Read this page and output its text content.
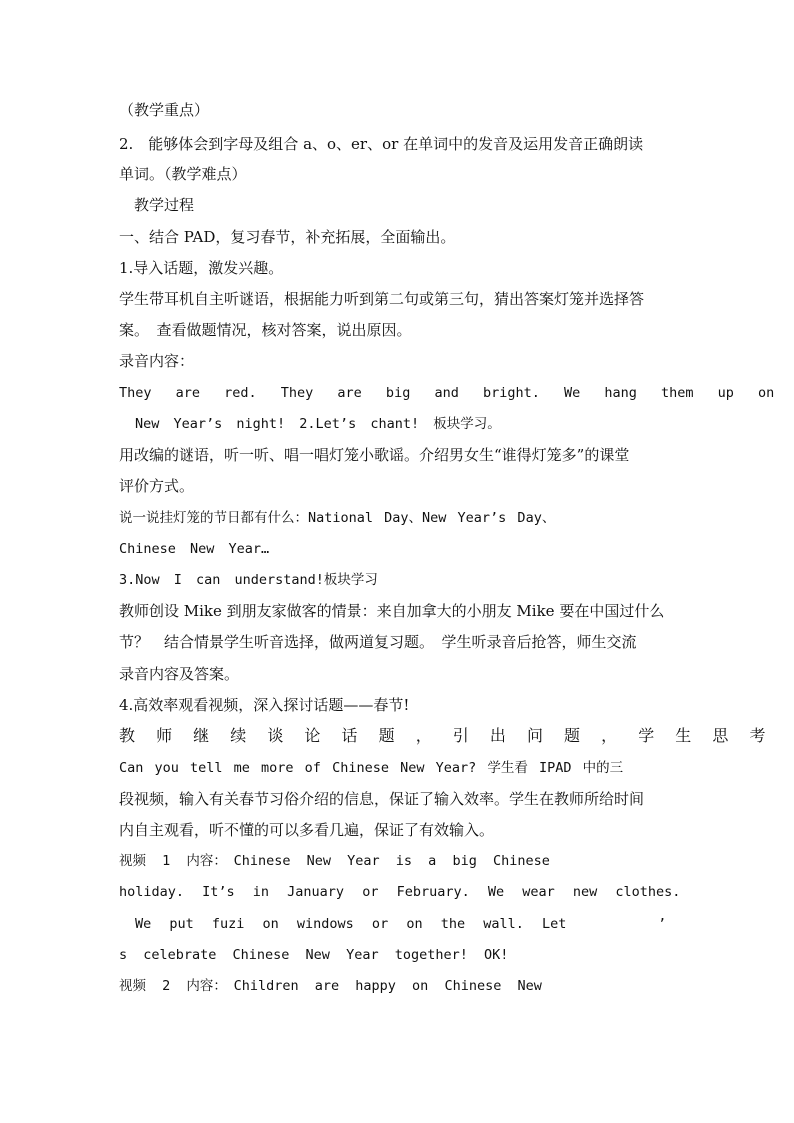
（教学重点）
2.　能够体会到字母及组合 a、o、er、or 在单词中的发音及运用发音正确朗读
单词。（教学难点）
　教学过程
一、结合 PAD，复习春节，补充拓展，全面输出。
1.导入话题，激发兴趣。
学生带耳机自主听谜语，根据能力听到第二句或第三句，猜出答案灯笼并选择答
案。　查看做题情况，核对答案，说出原因。
录音内容：
They are red. They are big and bright. We hang them up on
New Year’s night! 2.Let’s chant! 板块学习。
用改编的谜语，听一听、唱一唱灯笼小歌谣。介绍男女生“谁得灯笼多”的课堂
评价方式。
说一说挂灯笼的节日都有什么：National Day、New Year’s Day、
Chinese New Year…
3.Now I can understand!板块学习
教师创设 Mike 到朋友家做客的情景：来自加拿大的小朋友 Mike 要在中国过什么
节？　结合情景学生听音选择，做两道复习题。　学生听录音后抢答，师生交流
录音内容及答案。
4.高效率观看视频，深入探讨话题——春节!
教 师 继 续 谈 论 话 题 ， 引 出 问 题 ， 学 生 思 考
Can you tell me more of Chinese New Year? 学生看 IPAD 中的三
段视频，输入有关春节习俗介绍的信息，保证了输入效率。学生在教师所给时间
内自主观看，听不懂的可以多看几遍，保证了有效输入。
视频 1 内容：　Chinese New Year is a big Chinese
holiday. It’s in January or February. We wear new clothes.
We put fuzi on windows or on the wall. Let	’
s celebrate Chinese New Year together! OK!
视频 2 内容：　Children are happy on Chinese New
